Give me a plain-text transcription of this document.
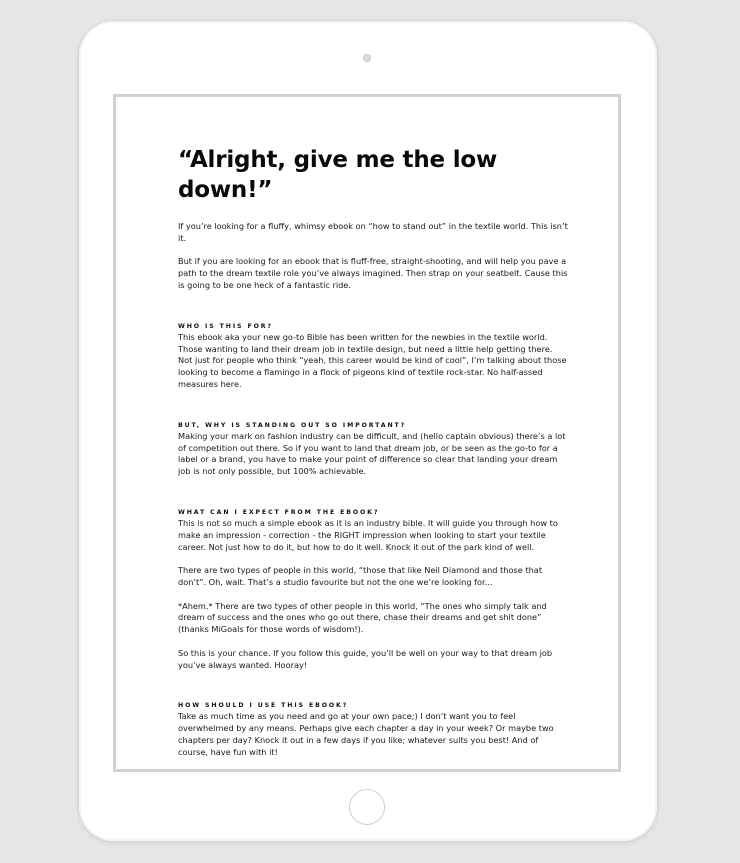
“Alright, give me the low down!”

If you’re looking for a fluffy, whimsy ebook on “how to stand out” in the textile world. This isn’t it.

But if you are looking for an ebook that is fluff-free, straight-shooting, and will help you pave a path to the dream textile role you’ve always imagined. Then strap on your seatbelt. Cause this is going to be one heck of a fantastic ride.

WHO IS THIS FOR?

This ebook aka your new go-to Bible has been written for the newbies in the textile world. Those wanting to land their dream job in textile design, but need a little help getting there. Not just for people who think “yeah, this career would be kind of cool”, I’m talking about those looking to become a flamingo in a flock of pigeons kind of textile rock-star. No half-assed measures here.

BUT, WHY IS STANDING OUT SO IMPORTANT?

Making your mark on fashion industry can be difficult, and (hello captain obvious) there’s a lot of competition out there. So if you want to land that dream job, or be seen as the go-to for a label or a brand, you have to make your point of difference so clear that landing your dream job is not only possible, but 100% achievable.

WHAT CAN I EXPECT FROM THE EBOOK?

This is not so much a simple ebook as it is an industry bible. It will guide you through how to make an impression - correction - the RIGHT impression when looking to start your textile career. Not just how to do it, but how to do it well. Knock it out of the park kind of well.

There are two types of people in this world, “those that like Neil Diamond and those that don’t”. Oh, wait. That’s a studio favourite but not the one we’re looking for...

*Ahem.* There are two types of other people in this world, “The ones who simply talk and dream of success and the ones who go out there, chase their dreams and get shit done” (thanks MiGoals for those words of wisdom!).

So this is your chance. If you follow this guide, you’ll be well on your way to that dream job you’ve always wanted. Hooray!

HOW SHOULD I USE THIS EBOOK?

Take as much time as you need and go at your own pace;) I don’t want you to feel overwhelmed by any means. Perhaps give each chapter a day in your week? Or maybe two chapters per day? Knock it out in a few days if you like; whatever suits you best! And of course, have fun with it!
